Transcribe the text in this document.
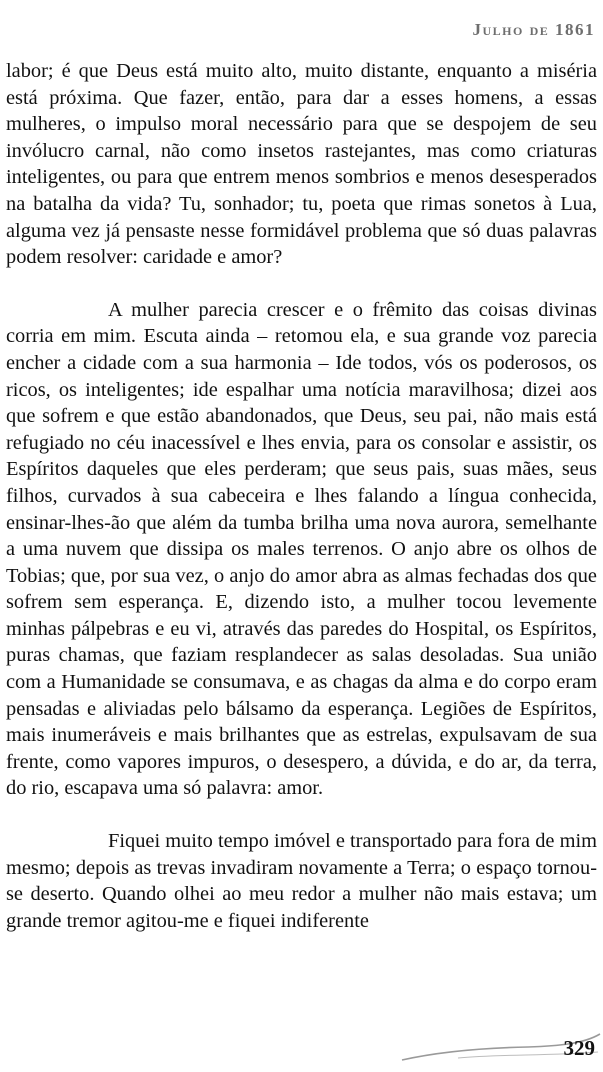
Julho de 1861

labor; é que Deus está muito alto, muito distante, enquanto a miséria está próxima. Que fazer, então, para dar a esses homens, a essas mulheres, o impulso moral necessário para que se despojem de seu invólucro carnal, não como insetos rastejantes, mas como criaturas inteligentes, ou para que entrem menos sombrios e menos desesperados na batalha da vida? Tu, sonhador; tu, poeta que rimas sonetos à Lua, alguma vez já pensaste nesse formidável problema que só duas palavras podem resolver: caridade e amor?

A mulher parecia crescer e o frêmito das coisas divinas corria em mim. Escuta ainda – retomou ela, e sua grande voz parecia encher a cidade com a sua harmonia – Ide todos, vós os poderosos, os ricos, os inteligentes; ide espalhar uma notícia maravilhosa; dizei aos que sofrem e que estão abandonados, que Deus, seu pai, não mais está refugiado no céu inacessível e lhes envia, para os consolar e assistir, os Espíritos daqueles que eles perderam; que seus pais, suas mães, seus filhos, curvados à sua cabeceira e lhes falando a língua conhecida, ensinar-lhes-ão que além da tumba brilha uma nova aurora, semelhante a uma nuvem que dissipa os males terrenos. O anjo abre os olhos de Tobias; que, por sua vez, o anjo do amor abra as almas fechadas dos que sofrem sem esperança. E, dizendo isto, a mulher tocou levemente minhas pálpebras e eu vi, através das paredes do Hospital, os Espíritos, puras chamas, que faziam resplandecer as salas desoladas. Sua união com a Humanidade se consumava, e as chagas da alma e do corpo eram pensadas e aliviadas pelo bálsamo da esperança. Legiões de Espíritos, mais inumeráveis e mais brilhantes que as estrelas, expulsavam de sua frente, como vapores impuros, o desespero, a dúvida, e do ar, da terra, do rio, escapava uma só palavra: amor.

Fiquei muito tempo imóvel e transportado para fora de mim mesmo; depois as trevas invadiram novamente a Terra; o espaço tornou-se deserto. Quando olhei ao meu redor a mulher não mais estava; um grande tremor agitou-me e fiquei indiferente

329
